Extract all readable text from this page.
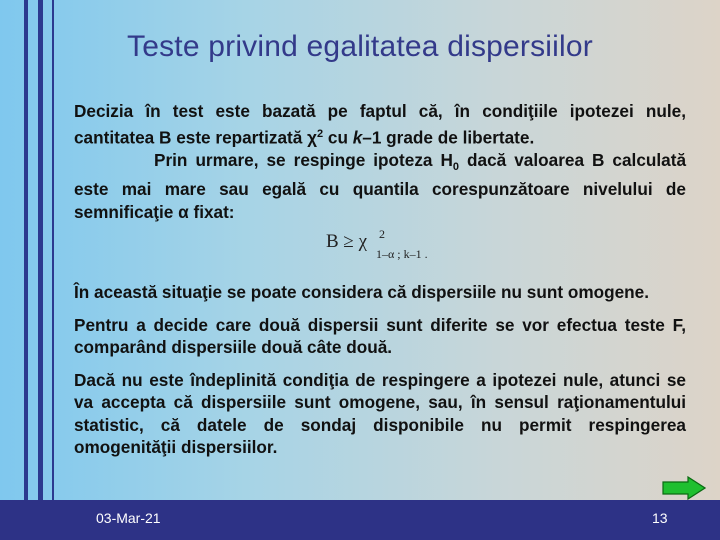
Teste privind egalitatea dispersiilor

Decizia în test este bazată pe faptul că, în condiţiile ipotezei nule, cantitatea B este repartizată $\chi^2$ cu k–1 grade de libertate.

Prin urmare, se respinge ipoteza $H_0$ dacă valoarea B calculată este mai mare sau egală cu quantila corespunzătoare nivelului de semnificaţie α fixat:

B ≥ χ 2
1–α ; k–1 .

În această situaţie se poate considera că dispersiile nu sunt omogene.

Pentru a decide care două dispersii sunt diferite se vor efectua teste F, comparând dispersiile două câte două.

Dacă nu este îndeplinită condiţia de respingere a ipotezei nule, atunci se va accepta că dispersiile sunt omogene, sau, în sensul raţionamentului statistic, că datele de sondaj disponibile nu permit respingerea omogenităţii dispersiilor.

03-Mar-21	13
